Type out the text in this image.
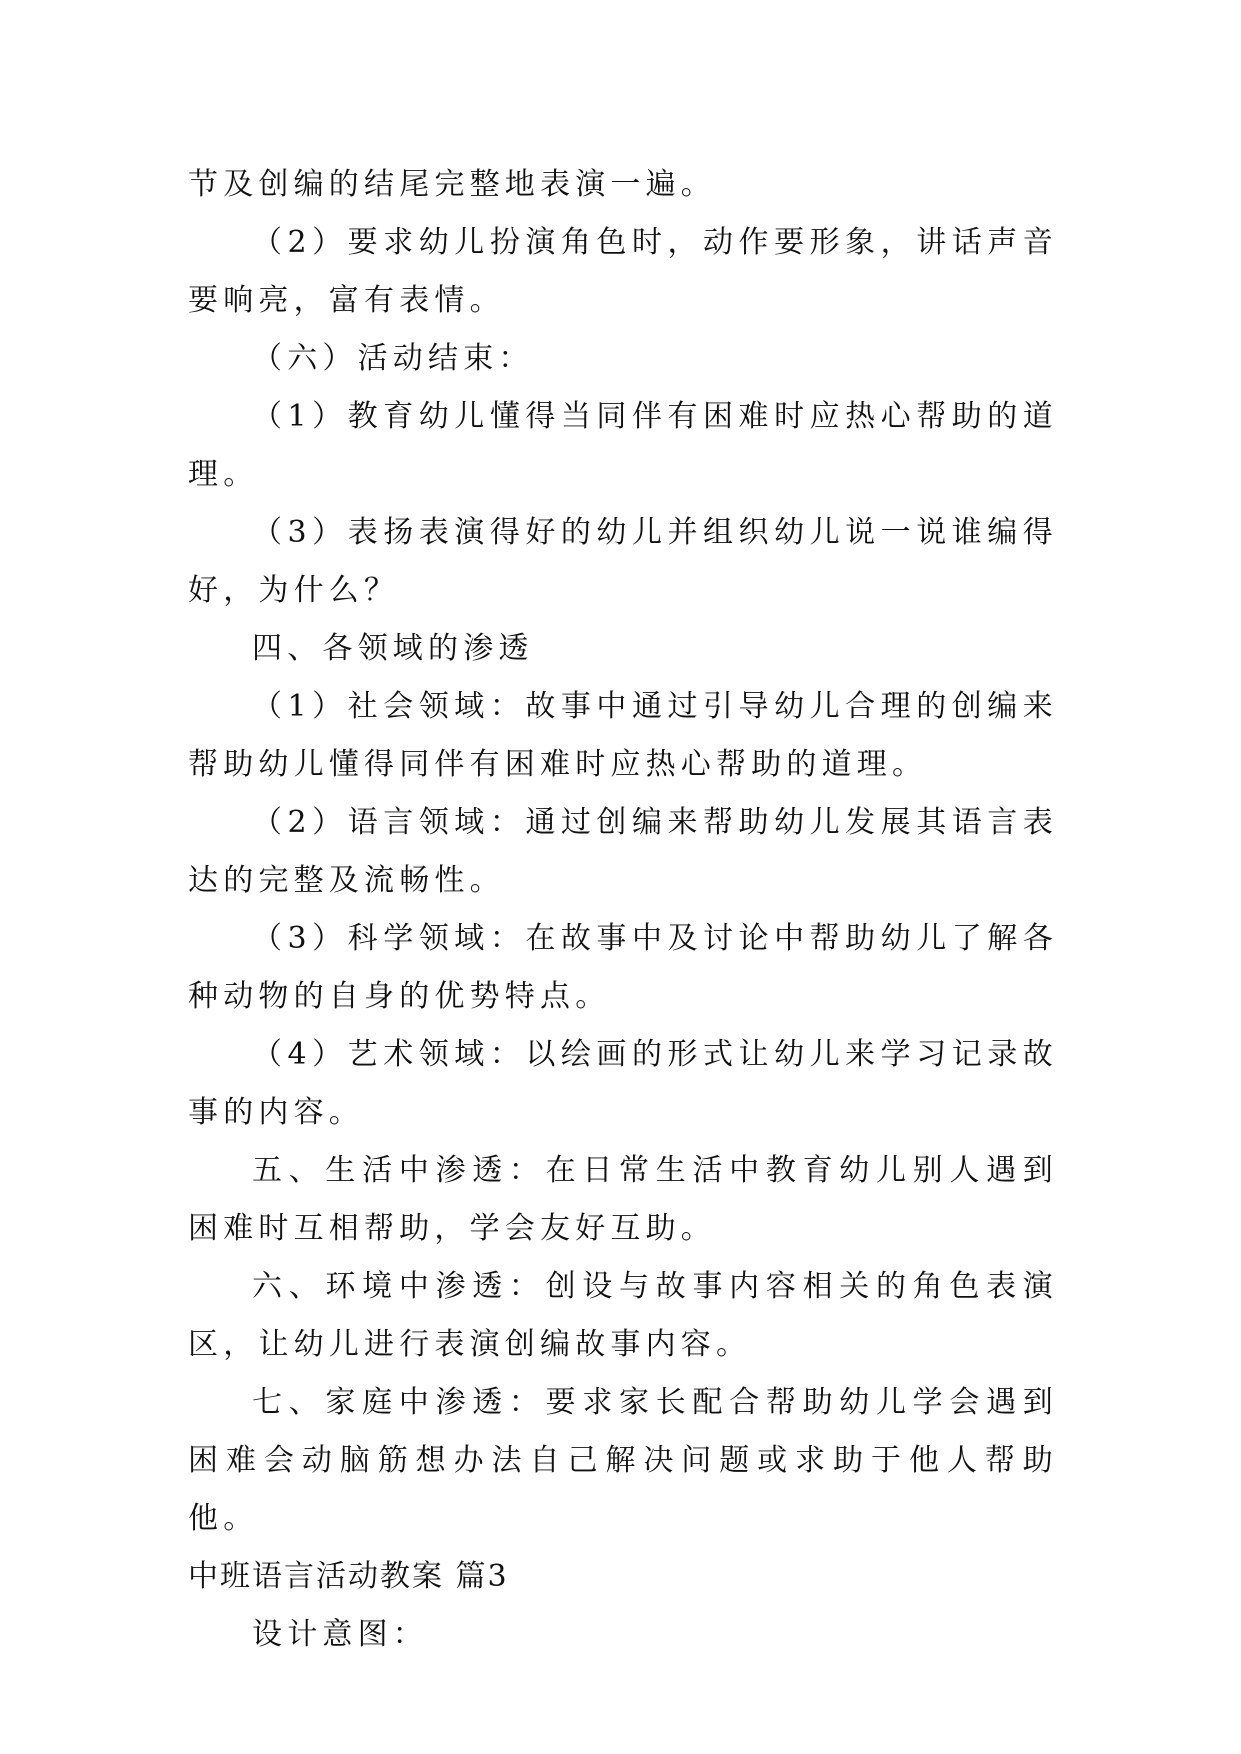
节及创编的结尾完整地表演一遍。

（2）要求幼儿扮演角色时，动作要形象，讲话声音要响亮，富有表情。

（六）活动结束：

（1）教育幼儿懂得当同伴有困难时应热心帮助的道理。

（3）表扬表演得好的幼儿并组织幼儿说一说谁编得好，为什么？

四、各领域的渗透

（1）社会领域：故事中通过引导幼儿合理的创编来帮助幼儿懂得同伴有困难时应热心帮助的道理。

（2）语言领域：通过创编来帮助幼儿发展其语言表达的完整及流畅性。

（3）科学领域：在故事中及讨论中帮助幼儿了解各种动物的自身的优势特点。

（4）艺术领域：以绘画的形式让幼儿来学习记录故事的内容。

五、生活中渗透：在日常生活中教育幼儿别人遇到困难时互相帮助，学会友好互助。

六、环境中渗透：创设与故事内容相关的角色表演区，让幼儿进行表演创编故事内容。

七、家庭中渗透：要求家长配合帮助幼儿学会遇到困难会动脑筋想办法自己解决问题或求助于他人帮助他。

中班语言活动教案 篇3

设计意图：
